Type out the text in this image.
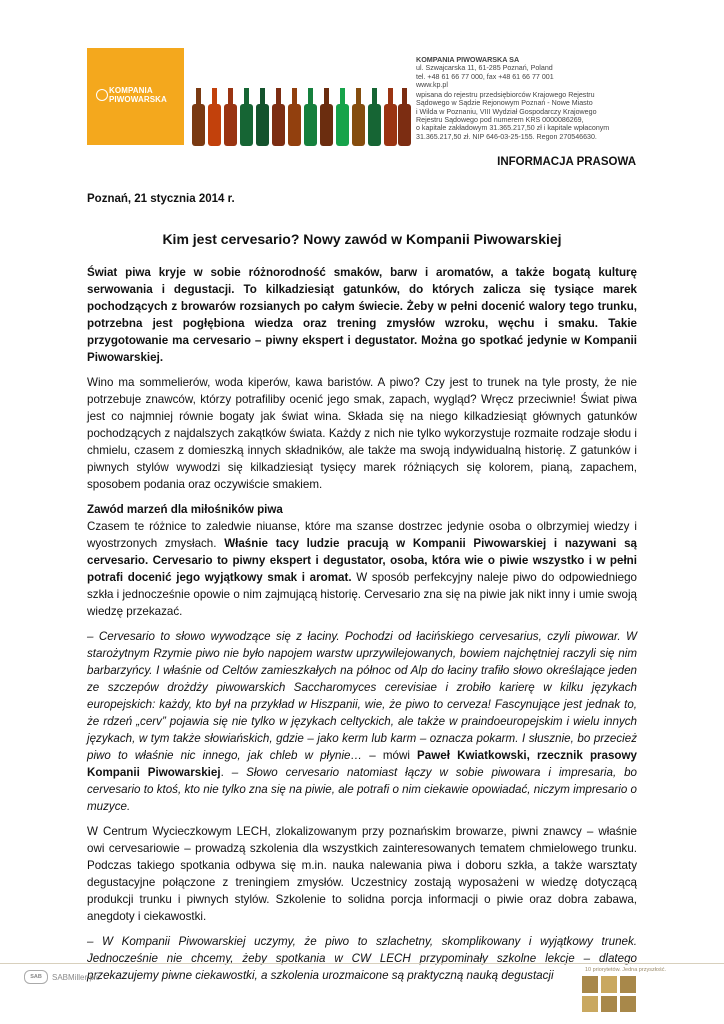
KOMPANIA
PIWOWARSKA
KOMPANIA PIWOWARSKA SA
ul. Szwajcarska 11, 61-285 Poznań, Poland
tel. +48 61 66 77 000, fax +48 61 66 77 001
www.kp.pl
wpisana do rejestru przedsiębiorców Krajowego Rejestru
Sądowego w Sądzie Rejonowym Poznań - Nowe Miasto
i Wilda w Poznaniu, VIII Wydział Gospodarczy Krajowego
Rejestru Sądowego pod numerem KRS 0000086269,
o kapitale zakładowym 31.365.217,50 zł i kapitale wpłaconym
31.365.217,50 zł. NIP 646-03-25-155. Regon 270546630.
INFORMACJA PRASOWA
Poznań, 21 stycznia 2014 r.
Kim jest cervesario? Nowy zawód w Kompanii Piwowarskiej

Świat piwa kryje w sobie różnorodność smaków, barw i aromatów, a także bogatą kulturę serwowania i degustacji. To kilkadziesiąt gatunków, do których zalicza się tysiące marek pochodzących z browarów rozsianych po całym świecie. Żeby w pełni docenić walory tego trunku, potrzebna jest pogłębiona wiedza oraz trening zmysłów wzroku, węchu i smaku. Takie przygotowanie ma cervesario – piwny ekspert i degustator. Można go spotkać jedynie w Kompanii Piwowarskiej.

Wino ma sommelierów, woda kiperów, kawa baristów. A piwo? Czy jest to trunek na tyle prosty, że nie potrzebuje znawców, którzy potrafiliby ocenić jego smak, zapach, wygląd? Wręcz przeciwnie! Świat piwa jest co najmniej równie bogaty jak świat wina. Składa się na niego kilkadziesiąt głównych gatunków pochodzących z najdalszych zakątków świata. Każdy z nich nie tylko wykorzystuje rozmaite rodzaje słodu i chmielu, czasem z domieszką innych składników, ale także ma swoją indywidualną historię. Z gatunków i piwnych stylów wywodzi się kilkadziesiąt tysięcy marek różniących się kolorem, pianą, zapachem, sposobem podania oraz oczywiście smakiem.

Zawód marzeń dla miłośników piwa

Czasem te różnice to zaledwie niuanse, które ma szanse dostrzec jedynie osoba o olbrzymiej wiedzy i wyostrzonych zmysłach. Właśnie tacy ludzie pracują w Kompanii Piwowarskiej i nazywani są cervesario. Cervesario to piwny ekspert i degustator, osoba, która wie o piwie wszystko i w pełni potrafi docenić jego wyjątkowy smak i aromat. W sposób perfekcyjny naleje piwo do odpowiedniego szkła i jednocześnie opowie o nim zajmującą historię. Cervesario zna się na piwie jak nikt inny i umie swoją wiedzę przekazać.

– Cervesario to słowo wywodzące się z łaciny. Pochodzi od łacińskiego cervesarius, czyli piwowar. W starożytnym Rzymie piwo nie było napojem warstw uprzywilejowanych, bowiem najchętniej raczyli się nim barbarzyńcy. I właśnie od Celtów zamieszkałych na północ od Alp do łaciny trafiło słowo określające jeden ze szczepów drożdży piwowarskich Saccharomyces cerevisiae i zrobiło karierę w kilku językach europejskich: każdy, kto był na przykład w Hiszpanii, wie, że piwo to cerveza! Fascynujące jest jednak to, że rdzeń „cerv” pojawia się nie tylko w językach celtyckich, ale także w praindoeuropejskim i wielu innych językach, w tym także słowiańskich, gdzie – jako kerm lub karm – oznacza pokarm. I słusznie, bo przecież piwo to właśnie nic innego, jak chleb w płynie… – mówi Paweł Kwiatkowski, rzecznik prasowy Kompanii Piwowarskiej. – Słowo cervesario natomiast łączy w sobie piwowara i impresaria, bo cervesario to ktoś, kto nie tylko zna się na piwie, ale potrafi o nim ciekawie opowiadać, niczym impresario o muzyce.

W Centrum Wycieczkowym LECH, zlokalizowanym przy poznańskim browarze, piwni znawcy – właśnie owi cervesariowie – prowadzą szkolenia dla wszystkich zainteresowanych tematem chmielowego trunku. Podczas takiego spotkania odbywa się m.in. nauka nalewania piwa i doboru szkła, a także warsztaty degustacyjne połączone z treningiem zmysłów. Uczestnicy zostają wyposażeni w wiedzę dotyczącą produkcji trunku i piwnych stylów. Szkolenie to solidna porcja informacji o piwie oraz dobra zabawa, anegdoty i ciekawostki.

– W Kompanii Piwowarskiej uczymy, że piwo to szlachetny, skomplikowany i wyjątkowy trunek. Jednocześnie nie chcemy, żeby spotkania w CW LECH przypominały szkolne lekcje – dlatego przekazujemy piwne ciekawostki, a szkolenia urozmaicone są praktyczną nauką degustacji

SAB	SABMiller plc
10 priorytetów. Jedna przyszłość.
